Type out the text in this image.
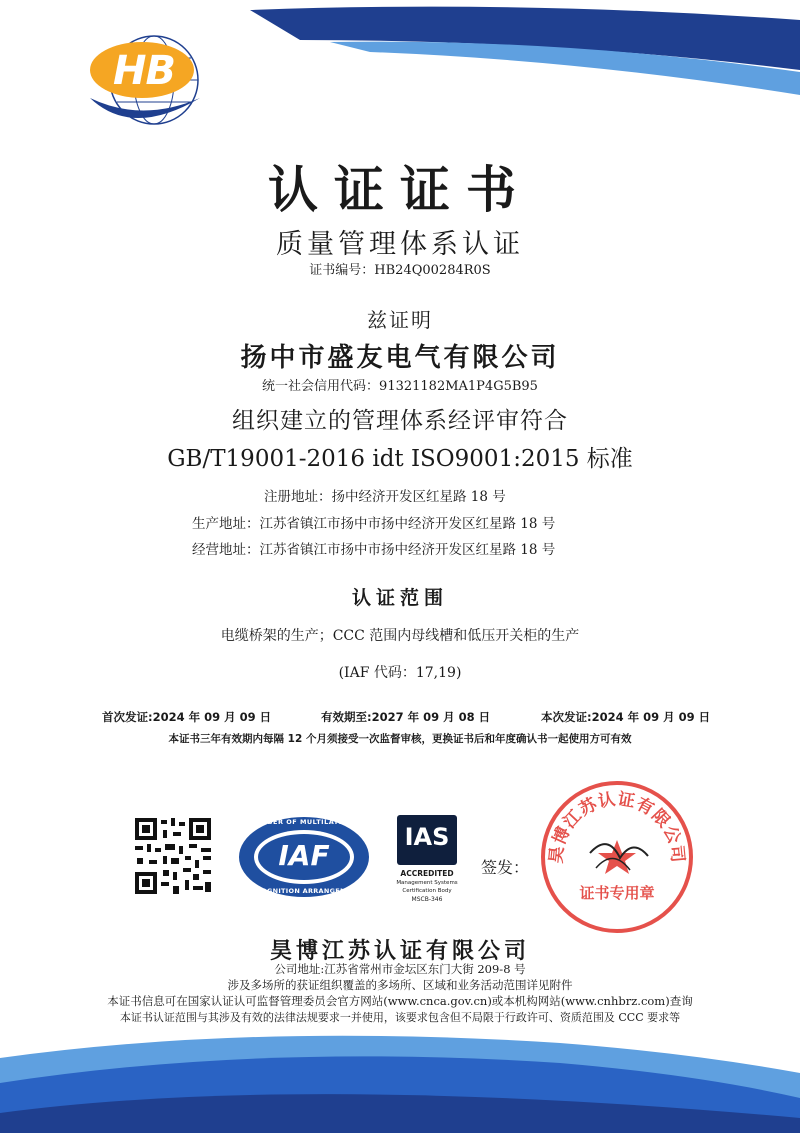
HB
认证证书
质量管理体系认证
证书编号：HB24Q00284R0S
兹证明
扬中市盛友电气有限公司
统一社会信用代码：91321182MA1P4G5B95
组织建立的管理体系经评审符合
GB/T19001-2016 idt ISO9001:2015 标准
注册地址：扬中经济开发区红星路 18 号
生产地址：江苏省镇江市扬中市扬中经济开发区红星路 18 号
经营地址：江苏省镇江市扬中市扬中经济开发区红星路 18 号
认证范围
电缆桥架的生产；CCC 范围内母线槽和低压开关柜的生产
(IAF 代码：17,19)
首次发证:2024 年 09 月 09 日	有效期至:2027 年 09 月 08 日	本次发证:2024 年 09 月 09 日
本证书三年有效期内每隔 12 个月须接受一次监督审核，更换证书后和年度确认书一起使用方可有效
MEMBER OF MULTILATERAL
IAF
RECOGNITION ARRANGEMENT
IAS
ACCREDITED
Management Systems
Certification Body
MSCB-346
签发：
昊博江苏认证有限公司
证书专用章
昊博江苏认证有限公司
公司地址:江苏省常州市金坛区东门大街 209-8 号
涉及多场所的获证组织覆盖的多场所、区域和业务活动范围详见附件
本证书信息可在国家认证认可监督管理委员会官方网站(www.cnca.gov.cn)或本机构网站(www.cnhbrz.com)查询
本证书认证范围与其涉及有效的法律法规要求一并使用，该要求包含但不局限于行政许可、资质范围及 CCC 要求等
